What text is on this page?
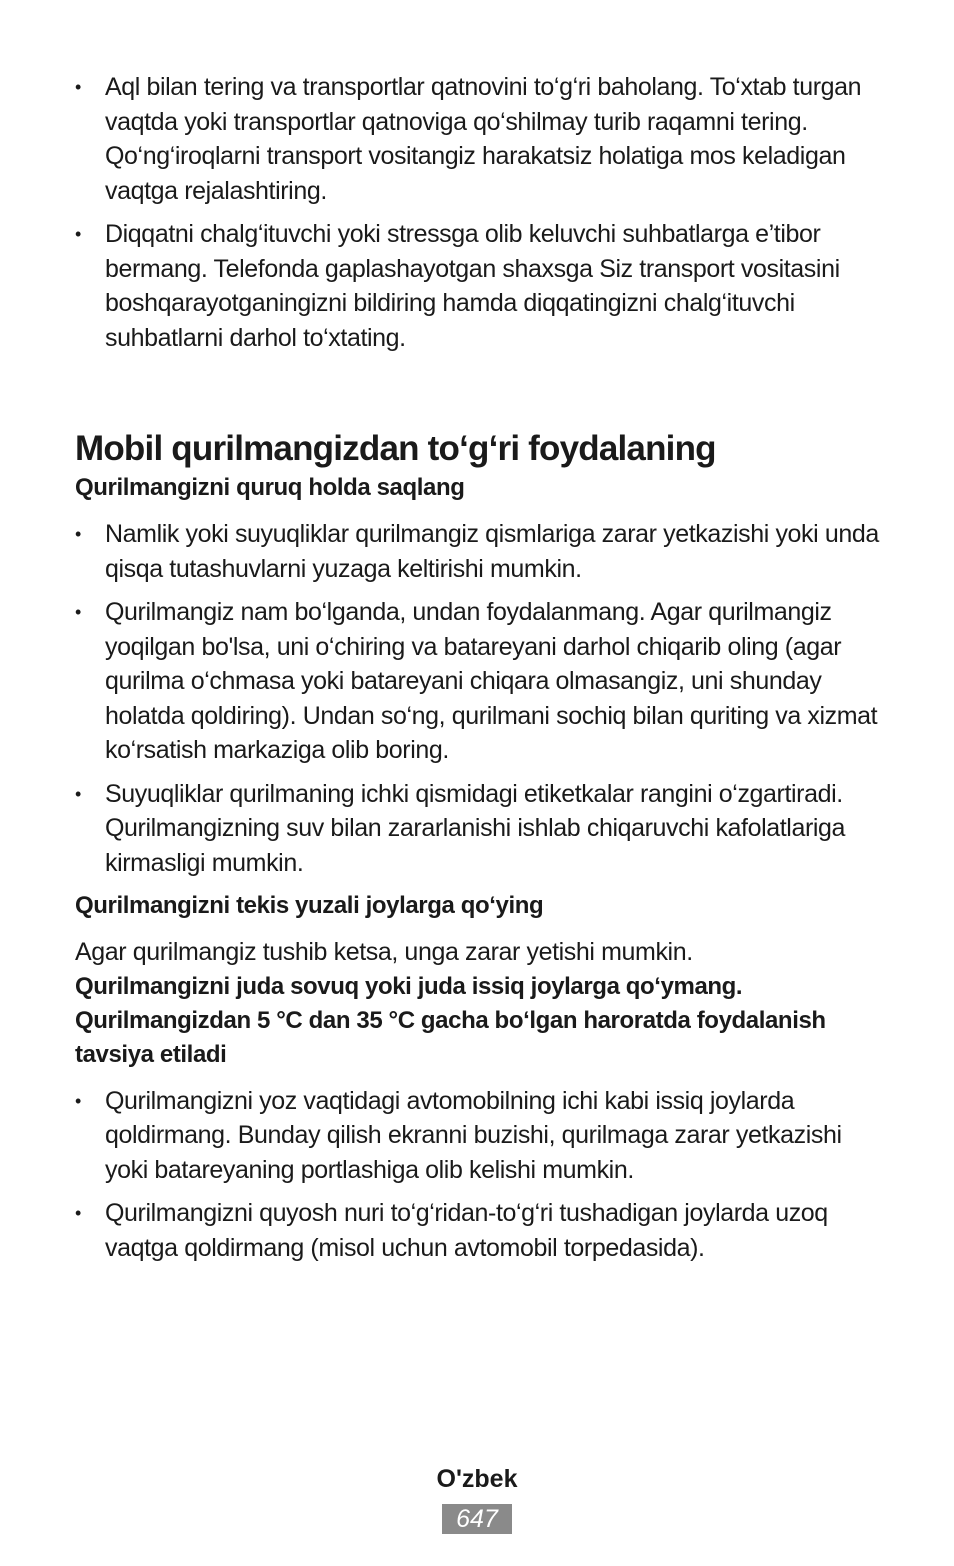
• Aql bilan tering va transportlar qatnovini to‘g‘ri baholang. To‘xtab turgan vaqtda yoki transportlar qatnoviga qo‘shilmay turib raqamni tering. Qo‘ng‘iroqlarni transport vositangiz harakatsiz holatiga mos keladigan vaqtga rejalashtiring.
• Diqqatni chalg‘ituvchi yoki stressga olib keluvchi suhbatlarga e’tibor bermang. Telefonda gaplashayotgan shaxsga Siz transport vositasini boshqarayotganingizni bildiring hamda diqqatingizni chalg‘ituvchi suhbatlarni darhol to‘xtating.
Mobil qurilmangizdan to‘g‘ri foydalaning
Qurilmangizni quruq holda saqlang
• Namlik yoki suyuqliklar qurilmangiz qismlariga zarar yetkazishi yoki unda qisqa tutashuvlarni yuzaga keltirishi mumkin.
• Qurilmangiz nam bo‘lganda, undan foydalanmang. Agar qurilmangiz yoqilgan bo'lsa, uni o‘chiring va batareyani darhol chiqarib oling (agar qurilma o‘chmasa yoki batareyani chiqara olmasangiz, uni shunday holatda qoldiring). Undan so‘ng, qurilmani sochiq bilan quriting va xizmat ko‘rsatish markaziga olib boring.
• Suyuqliklar qurilmaning ichki qismidagi etiketkalar rangini o‘zgartiradi. Qurilmangizning suv bilan zararlanishi ishlab chiqaruvchi kafolatlariga kirmasligi mumkin.
Qurilmangizni tekis yuzali joylarga qo‘ying

Agar qurilmangiz tushib ketsa, unga zarar yetishi mumkin.

Qurilmangizni juda sovuq yoki juda issiq joylarga qo‘ymang. Qurilmangizdan 5 °C dan 35 °C gacha bo‘lgan haroratda foydalanish tavsiya etiladi
• Qurilmangizni yoz vaqtidagi avtomobilning ichi kabi issiq joylarda qoldirmang. Bunday qilish ekranni buzishi, qurilmaga zarar yetkazishi yoki batareyaning portlashiga olib kelishi mumkin.
• Qurilmangizni quyosh nuri to‘g‘ridan-to‘g‘ri tushadigan joylarda uzoq vaqtga qoldirmang (misol uchun avtomobil torpedasida).
O'zbek
647
